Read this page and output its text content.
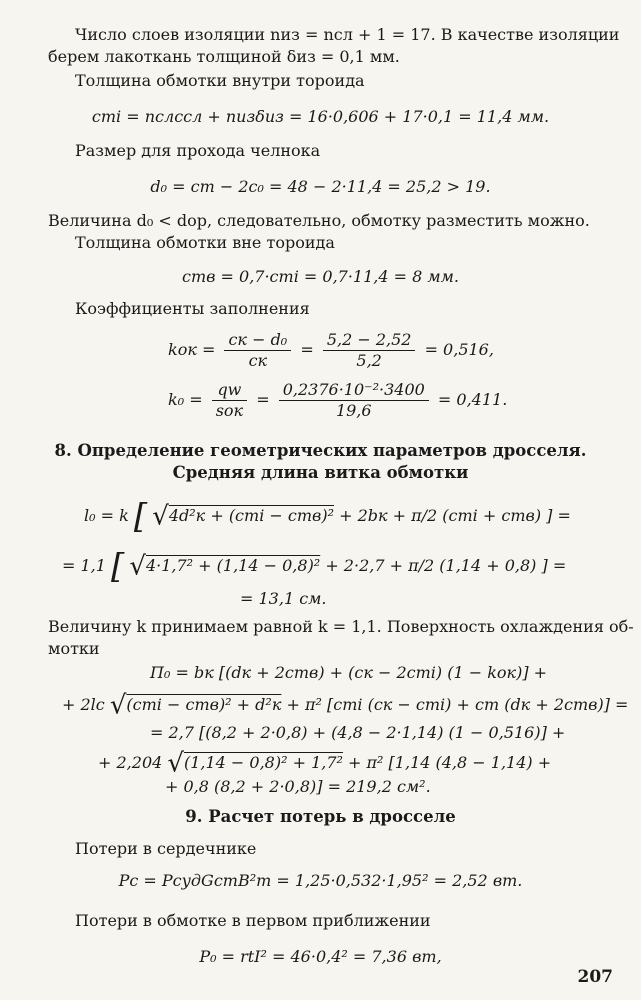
Число слоев изоляции nиз = nсл + 1 = 17. В качестве изоляции
берем лакоткань толщиной δиз = 0,1 мм.
Толщина обмотки внутри тороида
cтi = nслcсл + nизδиз = 16·0,606 + 17·0,1 = 11,4 мм.
Размер для прохода челнока
d₀ = cт − 2c₀ = 48 − 2·11,4 = 25,2 > 19.
Величина d₀ < dор, следовательно, обмотку разместить можно.
Толщина обмотки вне тороида
cтв = 0,7·cтi = 0,7·11,4 = 8 мм.
Коэффициенты заполнения
kок = $\frac{\text{cк − d₀}}{cк} = \frac{5,2 - 2,52}{5,2} = 0,516$,
$k_0 = \frac{qw}{\text{sок}} = \frac{\text{0,2376·10⁻²·3400}}{19,6} = 0,411$.
8. Определение геометрических параметров дросселя.
Средняя длина витка обмотки
l₀ = k [ √4d²к + (cтi − cтв)² + 2bк + π/2 (cтi + cтв) ] =
= 1,1 [ √4·1,7² + (1,14 − 0,8)² + 2·2,7 + π/2 (1,14 + 0,8) ] =
= 13,1 см.
Величину k принимаем равной k = 1,1. Поверхность охлаждения об-
мотки
П₀ = bк [(dк + 2cтв) + (cк − 2cтi) (1 − kок)] +
+ 2lс √(cтi − cтв)² + d²к + π² [cтi (cк − cтi) + cт (dк + 2cтв)] =
= 2,7 [(8,2 + 2·0,8) + (4,8 − 2·1,14) (1 − 0,516)] +
+ 2,204 √(1,14 − 0,8)² + 1,7² + π² [1,14 (4,8 − 1,14) +
+ 0,8 (8,2 + 2·0,8)] = 219,2 см².
9. Расчет потерь в дросселе
Потери в сердечнике
Pс = PсудGстB²m = 1,25·0,532·1,95² = 2,52 вт.
Потери в обмотке в первом приближении
P₀ = rtI² = 46·0,4² = 7,36 вт,
207
